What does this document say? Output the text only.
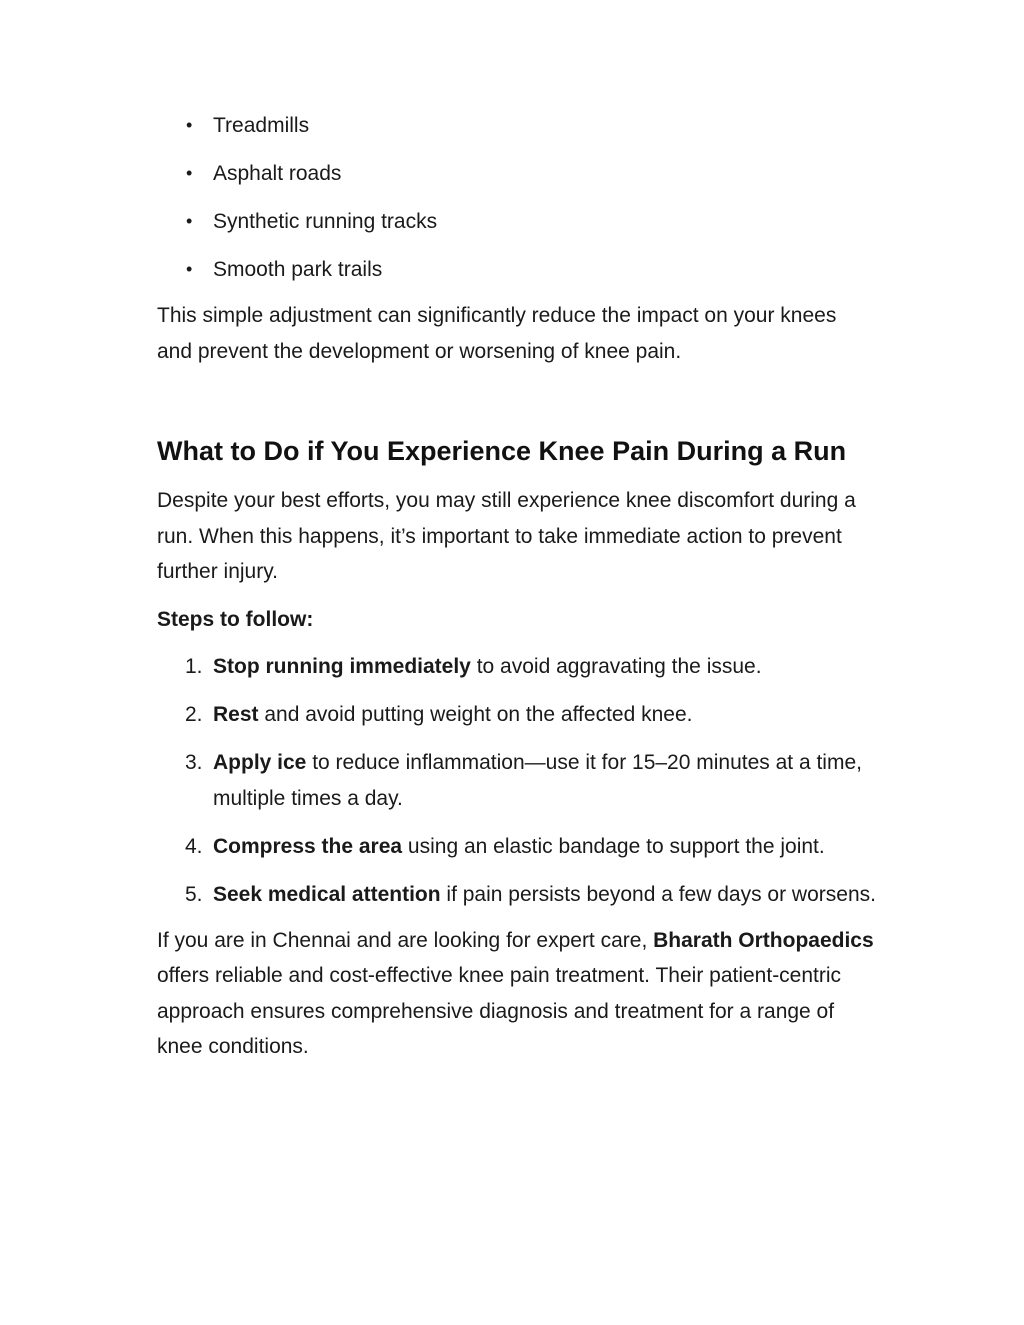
• Treadmills
• Asphalt roads
• Synthetic running tracks
• Smooth park trails

This simple adjustment can significantly reduce the impact on your knees and prevent the development or worsening of knee pain.

What to Do if You Experience Knee Pain During a Run

Despite your best efforts, you may still experience knee discomfort during a run. When this happens, it’s important to take immediate action to prevent further injury.

Steps to follow:

1. Stop running immediately to avoid aggravating the issue.
2. Rest and avoid putting weight on the affected knee.
3. Apply ice to reduce inflammation—use it for 15–20 minutes at a time, multiple times a day.
4. Compress the area using an elastic bandage to support the joint.
5. Seek medical attention if pain persists beyond a few days or worsens.

If you are in Chennai and are looking for expert care, Bharath Orthopaedics offers reliable and cost-effective knee pain treatment. Their patient-centric approach ensures comprehensive diagnosis and treatment for a range of knee conditions.
